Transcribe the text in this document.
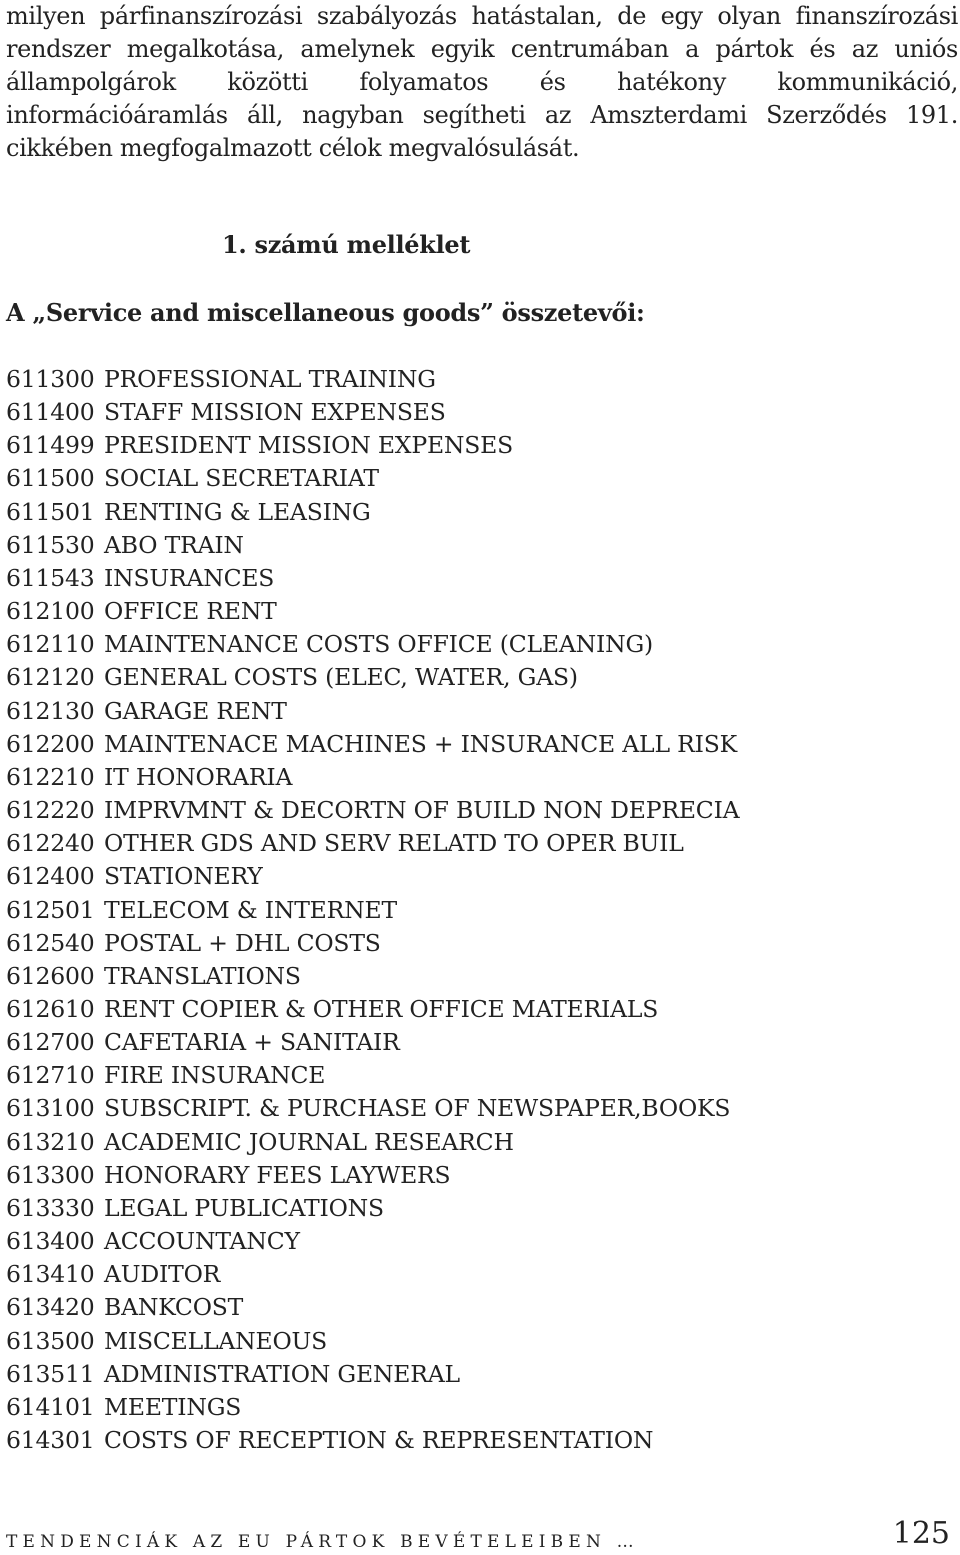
milyen párfinanszírozási szabályozás hatástalan, de egy olyan finanszírozási rendszer megalkotása, amelynek egyik centrumában a pártok és az uniós állampolgárok közötti folyamatos és hatékony kommunikáció, információáramlás áll, nagyban segítheti az Amszterdami Szerződés 191. cikkében megfogalmazott célok megvalósulását.

1. számú melléklet
A „Service and miscellaneous goods” összetevői:
611300 PROFESSIONAL TRAINING
611400 STAFF MISSION EXPENSES
611499 PRESIDENT MISSION EXPENSES
611500 SOCIAL SECRETARIAT
611501 RENTING & LEASING
611530 ABO TRAIN
611543 INSURANCES
612100 OFFICE RENT
612110 MAINTENANCE COSTS OFFICE (CLEANING)
612120 GENERAL COSTS (ELEC, WATER, GAS)
612130 GARAGE RENT
612200 MAINTENACE MACHINES + INSURANCE ALL RISK
612210 IT HONORARIA
612220 IMPRVMNT & DECORTN OF BUILD NON DEPRECIA
612240 OTHER GDS AND SERV RELATD TO OPER BUIL
612400 STATIONERY
612501 TELECOM & INTERNET
612540 POSTAL + DHL COSTS
612600 TRANSLATIONS
612610 RENT COPIER & OTHER OFFICE MATERIALS
612700 CAFETARIA + SANITAIR
612710 FIRE INSURANCE
613100 SUBSCRIPT. & PURCHASE OF NEWSPAPER,BOOKS
613210 ACADEMIC JOURNAL RESEARCH
613300 HONORARY FEES LAYWERS
613330 LEGAL PUBLICATIONS
613400 ACCOUNTANCY
613410 AUDITOR
613420 BANKCOST
613500 MISCELLANEOUS
613511 ADMINISTRATION GENERAL
614101 MEETINGS
614301 COSTS OF RECEPTION & REPRESENTATION
TENDENCIÁK AZ EU PÁRTOK BEVÉTELEIBEN …	125
